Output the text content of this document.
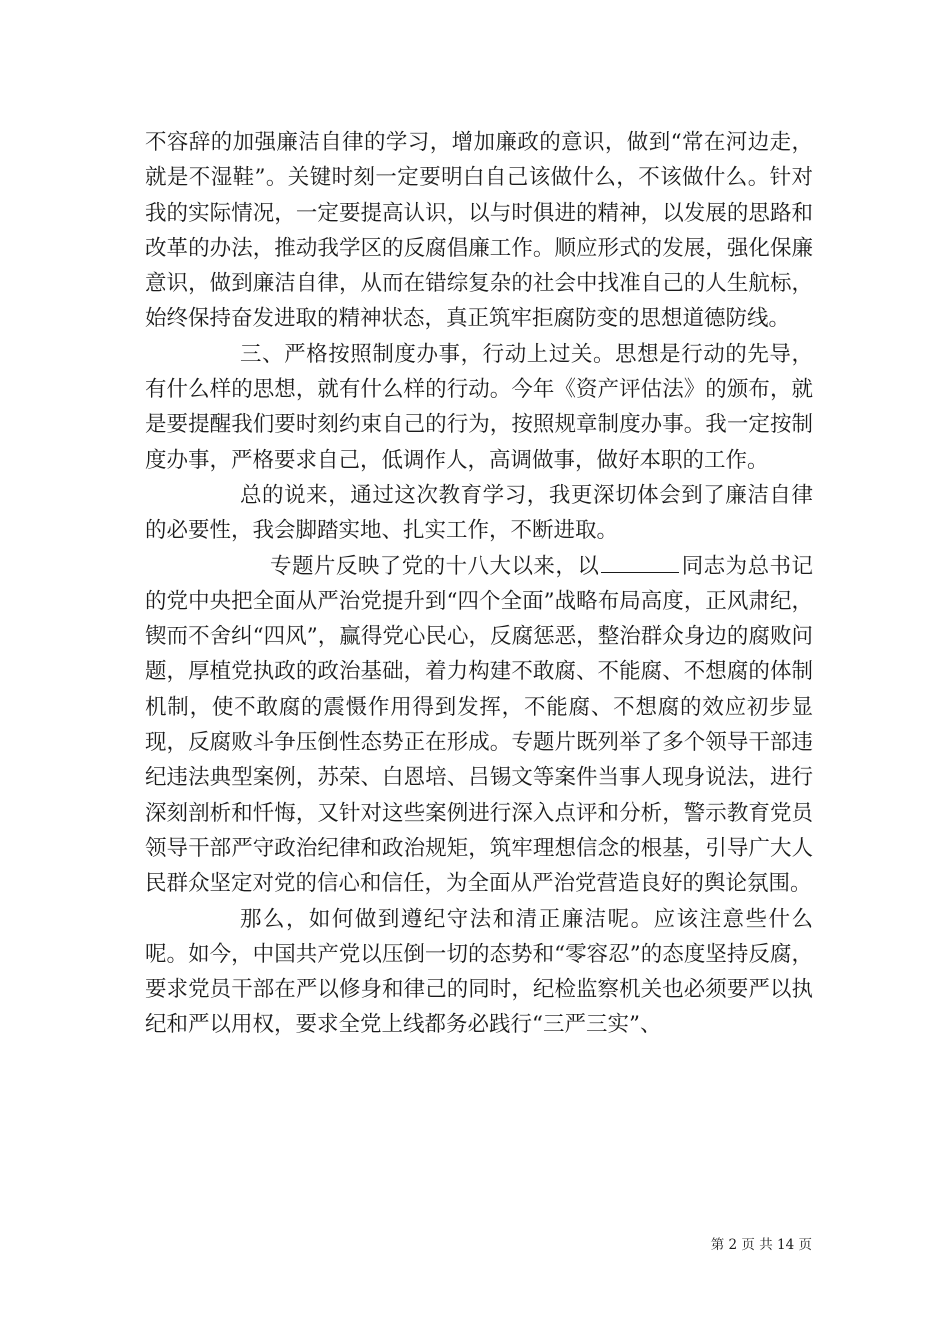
不容辞的加强廉洁自律的学习，增加廉政的意识，做到“常在河边走，就是不湿鞋”。关键时刻一定要明白自己该做什么，不该做什么。针对我的实际情况，一定要提高认识，以与时俱进的精神，以发展的思路和改革的办法，推动我学区的反腐倡廉工作。顺应形式的发展，强化保廉意识，做到廉洁自律，从而在错综复杂的社会中找准自己的人生航标，始终保持奋发进取的精神状态，真正筑牢拒腐防变的思想道德防线。

三、严格按照制度办事，行动上过关。思想是行动的先导，有什么样的思想，就有什么样的行动。今年《资产评估法》的颁布，就是要提醒我们要时刻约束自己的行为，按照规章制度办事。我一定按制度办事，严格要求自己，低调作人，高调做事，做好本职的工作。

总的说来，通过这次教育学习，我更深切体会到了廉洁自律的必要性，我会脚踏实地、扎实工作，不断进取。

专题片反映了党的十八大以来，以	同志为总书记的党中央把全面从严治党提升到“四个全面”战略布局高度，正风肃纪，锲而不舍纠“四风”，赢得党心民心，反腐惩恶，整治群众身边的腐败问题，厚植党执政的政治基础，着力构建不敢腐、不能腐、不想腐的体制机制，使不敢腐的震慑作用得到发挥，不能腐、不想腐的效应初步显现，反腐败斗争压倒性态势正在形成。专题片既列举了多个领导干部违纪违法典型案例，苏荣、白恩培、吕锡文等案件当事人现身说法，进行深刻剖析和忏悔，又针对这些案例进行深入点评和分析，警示教育党员领导干部严守政治纪律和政治规矩，筑牢理想信念的根基，引导广大人民群众坚定对党的信心和信任，为全面从严治党营造良好的舆论氛围。

那么，如何做到遵纪守法和清正廉洁呢。应该注意些什么呢。如今，中国共产党以压倒一切的态势和“零容忍”的态度坚持反腐，要求党员干部在严以修身和律己的同时，纪检监察机关也必须要严以执纪和严以用权，要求全党上线都务必践行“三严三实”、

第 2 页 共 14 页
